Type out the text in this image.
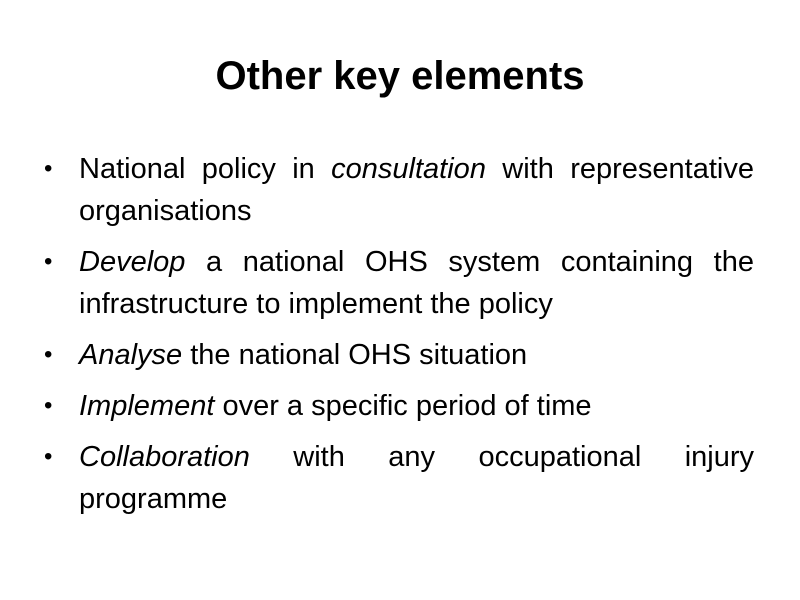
Other key elements
• National policy in consultation with representative organisations
• Develop a national OHS system containing the infrastructure to implement the policy
• Analyse the national OHS situation
• Implement over a specific period of time
• Collaboration with any occupational injury programme
